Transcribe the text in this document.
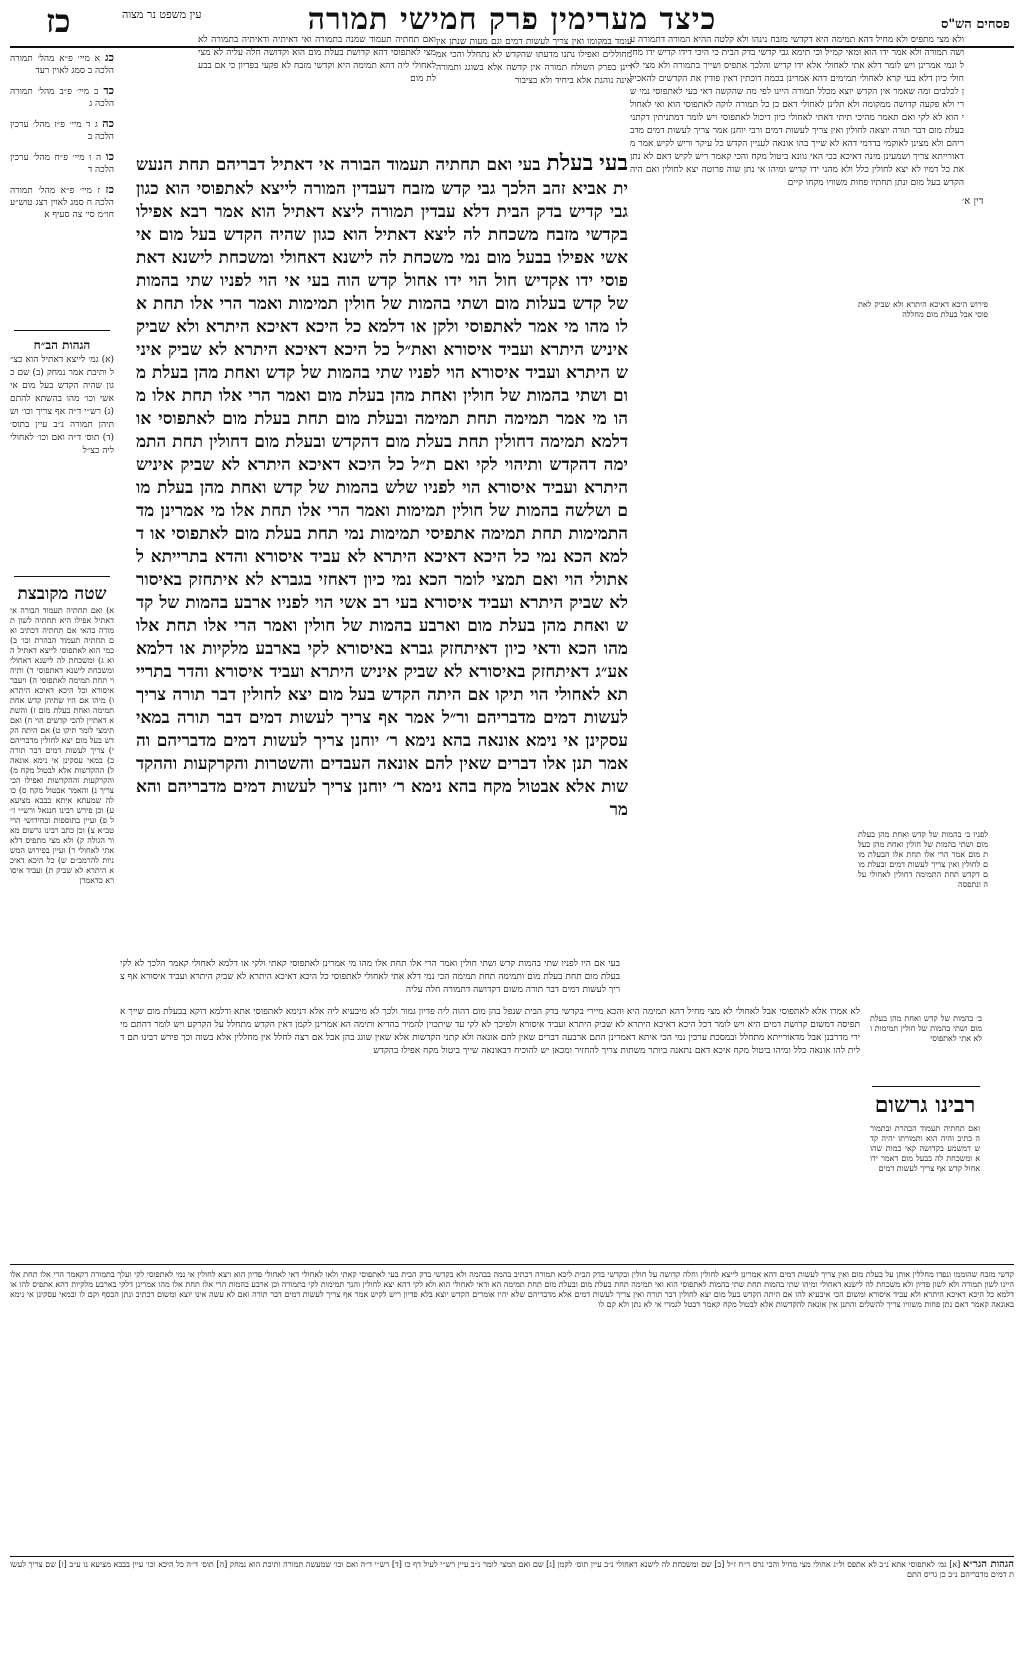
פסחים הש"ס
כיצד מערימין פרק חמישי תמורה
עין משפט נר מצוה
כז	ולא מצי מתפיס ולא מחיל דהא תמימה היא דקדשי מזבח נינהו ולא קלטה ההיא המורה דתמורה עושה תמורה ולא אמר ידו הוא ומאי קמ״ל וכי תימא גבי קדשי בדק הבית כי היכי דידו קדיש ידו מחיל ונמי אמרינן ויש לומר דלא אתי לאחולי אלא ידו קדיש והלכך אתפיס ושייך בתמורה ולא מצי לאחולי כיון דלא בעי קרא לאחולי תמימים דהא אמרינן בכמה דוכתין דאין פודין את הקדשים להאכילן לכלבים ומה שאמר אין הקדש יוצא מכלל תמורה היינו לפי מה שהקשה דאי בעי לאתפוסי נמי שרי ולא פקעה קדושה ממקומה ולא תלינן לאחולי דאם כן כל תמורה לוקה לאתפוסי הוא ואי לאחולי הוא לא לקי ואם תאמר מהיכי תיתי דאתי לאחולי כיון דיכול לאתפוסי ויש לומר דמתניתין דקתני בעלת מום דבר תורה יוצאה לחולין ואין צריך לעשות דמים ורבי יוחנן אמר צריך לעשות דמים מדבריהם ולא מצינן לאוקמי בדדמי דהא לא שייך בהו אונאה לעניין הקדש כל עיקר וריש לקיש אמר מדאורייתא צריך ושמעינן מינה דאיכא בכי האי גוונא ביטול מקח והכי קאמר ריש לקיש דאם לא נתן את כל דמיו לא יצא לחולין כלל ולא מהני ידו קדיש ומיהו אי נתן שוה פרוטה יצא לחולין ואם היה הקדש בעל מום ונתן תחתיו פחות משוויו מקחו קיים

עומד במקומו ואין צריך לעשות דמים וגם מעות שנתן אין מחוללים ואפילו נתנו מדעתו שהקדש לא נתחלל והכי אמרינן בפרק השולח תמורה אין קדשה אלא בשוגג ותמורה אינה נוהגת אלא ביחיד ולא בציבור

ואם תחתיה תעמוד שמנה בתמורה ואי דאיתיה ודאיתיה בתמורה לא מצי לאתפוסי דהא קדושת בעלת מום הוא וקדושה חלה עליה לא מצי לאחולי ליה דהא תמימה היא וקדשי מזבח לא פקעי בפדיון כי אם בבעלת מום

בעי בעלת בעי ואם תחתיה תעמוד הבורה אי דאתיל דבריהם תחת הנעשית אביא זהב הלכך גבי קדש מזבח דעבדין המורה לייצא לאתפוסי הוא כגון גבי קדיש בדק הבית דלא עבדין תמורה ליצא דאתיל הוא אמר רבא אפילו בקדשי מזבח משכחת לה ליצא דאתיל הוא כגון שהיה הקדש בעל מום אי אשי אפילו בבעל מום נמי משכחת לה לישנא דאחולי ומשכחת לישנא דאתפוסי ידו אקדיש חול הוי ידו אחול קדש הוה בעי אי הוי לפניו שתי בהמות של קדש בעלות מום ושתי בהמות של חולין תמימות ואמר הרי אלו תחת אלו מהו מי אמר לאתפוסי ולקן או דלמא כל היכא דאיכא היתרא ולא שביק איניש היתרא ועביד איסורא ואת״ל כל היכא דאיכא היתרא לא שביק איניש היתרא ועביד איסורא הוי לפניו שתי בהמות של קדש ואחת מהן בעלת מום ושתי בהמות של חולין ואחת מהן בעלת מום ואמר הרי אלו תחת אלו מהו מי אמר תמימה תחת תמימה ובעלת מום תחת בעלת מום לאתפוסי או דלמא תמימה דחולין תחת בעלת מום דהקדש ובעלת מום דחולין תחת התמימה דהקדש ותיהוי לקי ואם ת״ל כל היכא דאיכא היתרא לא שביק איניש היתרא ועביד איסורא הוי לפניו שלש בהמות של קדש ואחת מהן בעלת מום ושלשה בהמות של חולין תמימות ואמר הרי אלו תחת אלו מי אמרינן מדהתמימות תחת תמימה אתפיסי תמימות נמי תחת בעלת מום לאתפוסי או דלמא הכא נמי כל היכא דאיכא היתרא לא עביד איסורא והדא בתרייתא לאתולי הוי ואם תמצי לומר הכא נמי כיון דאחזי בגברא לא איתחזק באיסור לא שביק היתרא ועביד איסורא בעי רב אשי הוי לפניו ארבע בהמות של קדש ואחת מהן בעלת מום וארבע בהמות של חולין ואמר הרי אלו תחת אלו מהו הכא ודאי כיון דאיתחזק גברא באיסורא לקי בארבע מלקיות או דלמא אע״ג דאיתחזק באיסורא לא שביק איניש היתרא ועביד איסורא והדר בתרייתא לאחולי הוי תיקו אם היתה הקדש בעל מום יצא לחולין דבר תורה צריך לעשות דמים מדבריהם ור״ל אמר אף צריך לעשות דמים דבר תורה במאי עסקינן אי נימא אונאה בהא נימא ר׳ יוחנן צריך לעשות דמים מדבריהם והאמר תנן אלו דברים שאין להם אונאה העבדים והשטרות והקרקעות וההקדשות אלא אבטול מקח בהא נימא ר׳ יוחנן צריך לעשות דמים מדבריהם והאמר
כג א מיי׳ פ״א מהל׳ תמורה הלכה ב סמג לאוין רעד
כד ב מיי׳ פ״ב מהל׳ תמורה הלכה ג
כה ג ד מיי׳ פ״ז מהל׳ ערכין הלכה ב
כו ה ו מיי׳ פ״ח מהל׳ ערכין הלכה ד
כז ז מיי׳ פ״א מהל׳ תמורה הלכה ח סמג לאוין רצג טוש״ע חו״מ סי׳ צה סעיף א
הגהות הב״ח

(א) גמ׳ לייצא דאתיל הוא כצ״ל ותיבת אמר נמחק (ב) שם כגון שהיה הקדש בעל מום אי אשי וכו׳ מהו בהשתא להתם (ג) רש״י ד״ה אף צריך וכו׳ ושתיהן תמורה נ״ב עיין בתוס׳ (ד) תוס׳ ד״ה ואם וכו׳ לאחולי ליה כצ״ל

שטה מקובצת

א) ואם תחתיה תעמוד הבורה אי דאתיל אפילו היא תחתיה לשון תמורה בהאי אם תחתיה דכתיב ואם תחתיה תעמוד הבהרת וכו׳ ב) כמי הוא לאתפוסי לייצא דאתיל הוא ג) ומשכחת לה לישנא דאחולי ומשכחת לישנא דאתפוסי ד) ותיהוי תחת תמימה לאתפוסי ה) ויעבר איסורא וכל היכא דאיכא היתרא ו) מיהו אם היו שתיהן קדש אחת תמימה ואחת בעלת מום ז) והשתא דאתיין להכי קדשים הוי ח) ואם תימצי לומר תיקו ט) אם היתה הקדש בעל מום יצא לחולין מדבריהם י) צריך לעשות דמים דבר תורה כ) במאי עסקינן אי נימא אונאה ל) ההקדשות אלא לבטול מקח מ) והקרקעות וההקדשות ואפילו הכי צריך נ) והאמר אבטול מקח ס) כולה שמעתא איתא בבבא מציעא ע) וכן פירש רבינו חננאל ורש״י ז״ל פ) ועיין בתוספות ובחידושי הריטב״א צ) וכן כתב רבינו גרשום מאור הגולה ק) ולא מצי מתפיס דלא אתי לאחולי ר) ועיין בפירוש המשניות להרמב״ם ש) כל היכא דאיכא היתרא לא שביק ת) ועביד איסורא כדאמרן

בעי אם היו לפניו שתי בהמות קדש ושתי חולין ואמר הרי אלו תחת אלו מהו מי אמרינן לאתפוסי קאתי ולקי או דלמא לאחולי קאמר הלכך לא לקי בעלת מום תחת בעלת מום ותמימה תחת תמימה הכי נמי דלא אתי לאחולי לאתפוסי כל היכא דאיכא היתרא לא שביק היתרא ועביד איסורא אף צריך לעשות דמים דבר תורה משום דקדושה דתמורה חלה עליה

דין א׳

פירוש היכא דאיכא היתרא ולא שביק לאתפוסי אבל בעלת מום מחללה

לפניו ב׳ בהמות של קדש ואחת מהן בעלת מום ושתי בהמות של חולין ואחת מהן בעלת מום אמר הרי אלו תחת אלו הבעלת מום לחולין ואין צריך לעשות דמים ובעלת מום דקדש תחת התמימה דחולין לאחולי עלה ונתפסה

ב׳ בהמות של קדש ואחת מהן בעלת מום ושתי בהמות של חולין תמימות ולא אתי לאתפוסי

רבינו גרשום

ואם תחתיה תעמוד הבהרת ובתמורה כתיב והיה הוא ותמורתו יהיה קדש דמשמע בקדושה קאי כמות שהוא ומשכחת לה בבעל מום דאמר ידו אחול קדש אף צריך לעשות דמים

לא אמרו אלא לאתפוסי אבל לאחולי לא מצי מחיל דהא תמימה היא והכא מיירי בקדשי בדק הבית שנפל בהן מום דהוה ליה פדיון גמור ולכך לא מיבעיא ליה אלא דנימא לאתפוסי אתא ודלמא דוקא בבעלת מום שייך אתפיסה דמשום קדושת דמים היא ויש לומר דכל היכא דאיכא היתרא לא שביק היתרא ועביד איסורא ולפיכך לא לקי עד שיתכוין להמיר בהדיא ותימה הא אמרינן לקמן דאין הקדש מתחלל על הקרקע ויש לומר דהתם מיירי מדרבנן אבל מדאורייתא מתחלל ובמסכת ערכין נמי הכי איתא דאמרינן התם ארבעה דברים שאין להם אונאה ולא קתני הקדשות אלא שאין שוגג בהן אבל אם רצה לחלל אין מחללין אלא בשוה וכך פירש רבינו תם דלית להו אונאה כלל ומיהו ביטול מקח איכא דאם נתאנה ביותר משתות צריך להחזיר ומכאן יש להוכיח דבאונאה שייך ביטול מקח אפילו בהקדש

קדשי מזבח שהוממו ונפדו מחללין אותן על בעלת מום ואין צריך לעשות דמים דהא אמרינן לייצא לחולין וחלה קדושה על חולין ובקדשי בדק הבית ליכא תמורה דכתיב בהמה בבהמה ולא בקדשי בדק הבית בעי לאתפוסי קאתי ולאו לאחולי דאי לאחולי פדיון הוא ויצא לחולין אי נמי לאתפוסי לקי ועלך בתמורה דקאמר הרי אלו תחת אלו היינו לשון תמורה ולא לשון פדיון ולא משכחת לה לישנא דאחולי ומיהו שתי בהמות תחת שתי בהמות לאתפוסי הוא ואי תמימה תחת בעלת מום ובעלת מום תחת תמימה הא ודאי לאחולי הוא ולא לקי דהא יצא לחולין והנך תמימות לקי בתמורה וכן ארבע בהמות הרי אלו תחת אלו מהו אמרינן דלקי בארבע מלקיות דהא אתפיס להו או דלמא כל היכא דאיכא היתרא ולא עביד איסורא ומשום הכי איבעיא להו אם היתה הקדש בעל מום יצא לחולין דבר תורה ואין צריך לעשות דמים אלא מדבריהם שלא יהיו אומרים הקדש יוצא בלא פדיון ריש לקיש אמר אף צריך לעשות דמים דבר תורה ואם לא עשה אינו יוצא ומשום דכתיב ונתן הכסף וקם לו ובמאי עסקינן אי נימא באונאה קאמר דאם נתן פחות משוויו צריך להשלים והתנן אין אונאה להקדשות אלא לבטול מקח קאמר דבטל לגמרי אי לא נתן ולא קם לו

הגהות הגר״א [א] גמ׳ לאתפוסי אתא נ״ב לא אתפס ול״ג אחולי מצי מחיל והכי גרס ר״ח ז״ל [ב] שם ומשכחת לה לישנא דאחולי נ״ב עיין תוס׳ לקמן [ג] שם ואם תמצי לומר נ״ב עיין רש״י לעיל דף כו [ד] רש״י ד״ה ואם וכו׳ שמעשה תמורה ותיבת הוא נמחק [ה] תוס׳ ד״ה כל היכא וכו׳ עיין בבבא מציעא נו ע״ב [ו] שם צריך לעשות דמים מדבריהם נ״ב כן גריס התם
